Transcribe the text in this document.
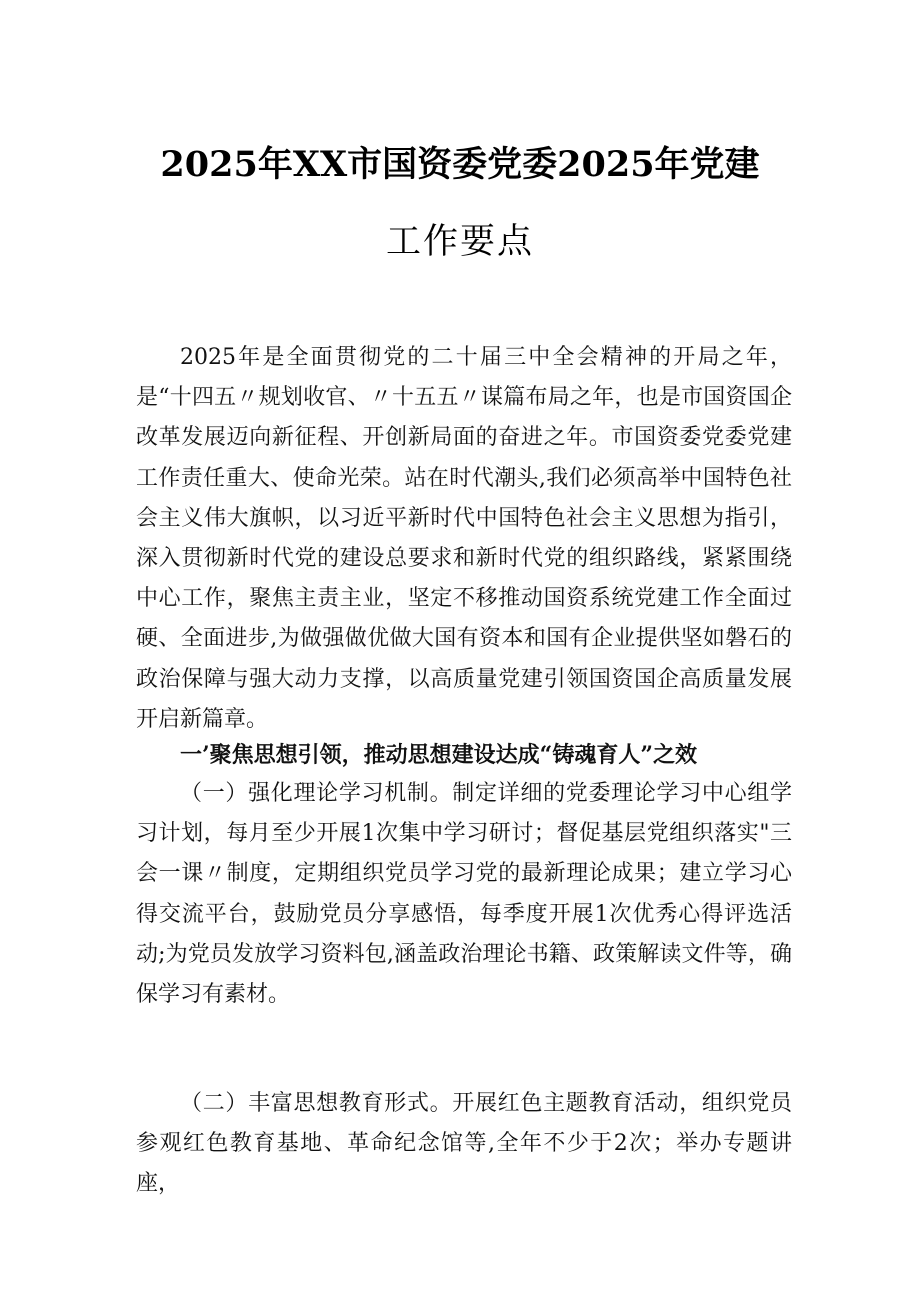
2025年XX市国资委党委2025年党建
工作要点

2025年是全面贯彻党的二十届三中全会精神的开局之年，是“十四五〃规划收官、〃十五五〃谋篇布局之年，也是市国资国企改革发展迈向新征程、开创新局面的奋进之年。市国资委党委党建工作责任重大、使命光荣。站在时代潮头,我们必须高举中国特色社会主义伟大旗帜，以习近平新时代中国特色社会主义思想为指引，深入贯彻新时代党的建设总要求和新时代党的组织路线，紧紧围绕中心工作，聚焦主责主业，坚定不移推动国资系统党建工作全面过硬、全面进步,为做强做优做大国有资本和国有企业提供坚如磐石的政治保障与强大动力支撑，以高质量党建引领国资国企高质量发展开启新篇章。

一’聚焦思想引领，推动思想建设达成“铸魂育人”之效

（一）强化理论学习机制。制定详细的党委理论学习中心组学习计划，每月至少开展1次集中学习研讨；督促基层党组织落实"三会一课〃制度，定期组织党员学习党的最新理论成果；建立学习心得交流平台，鼓励党员分享感悟，每季度开展1次优秀心得评选活动;为党员发放学习资料包,涵盖政治理论书籍、政策解读文件等，确保学习有素材。

（二）丰富思想教育形式。开展红色主题教育活动，组织党员参观红色教育基地、革命纪念馆等,全年不少于2次；举办专题讲座，
